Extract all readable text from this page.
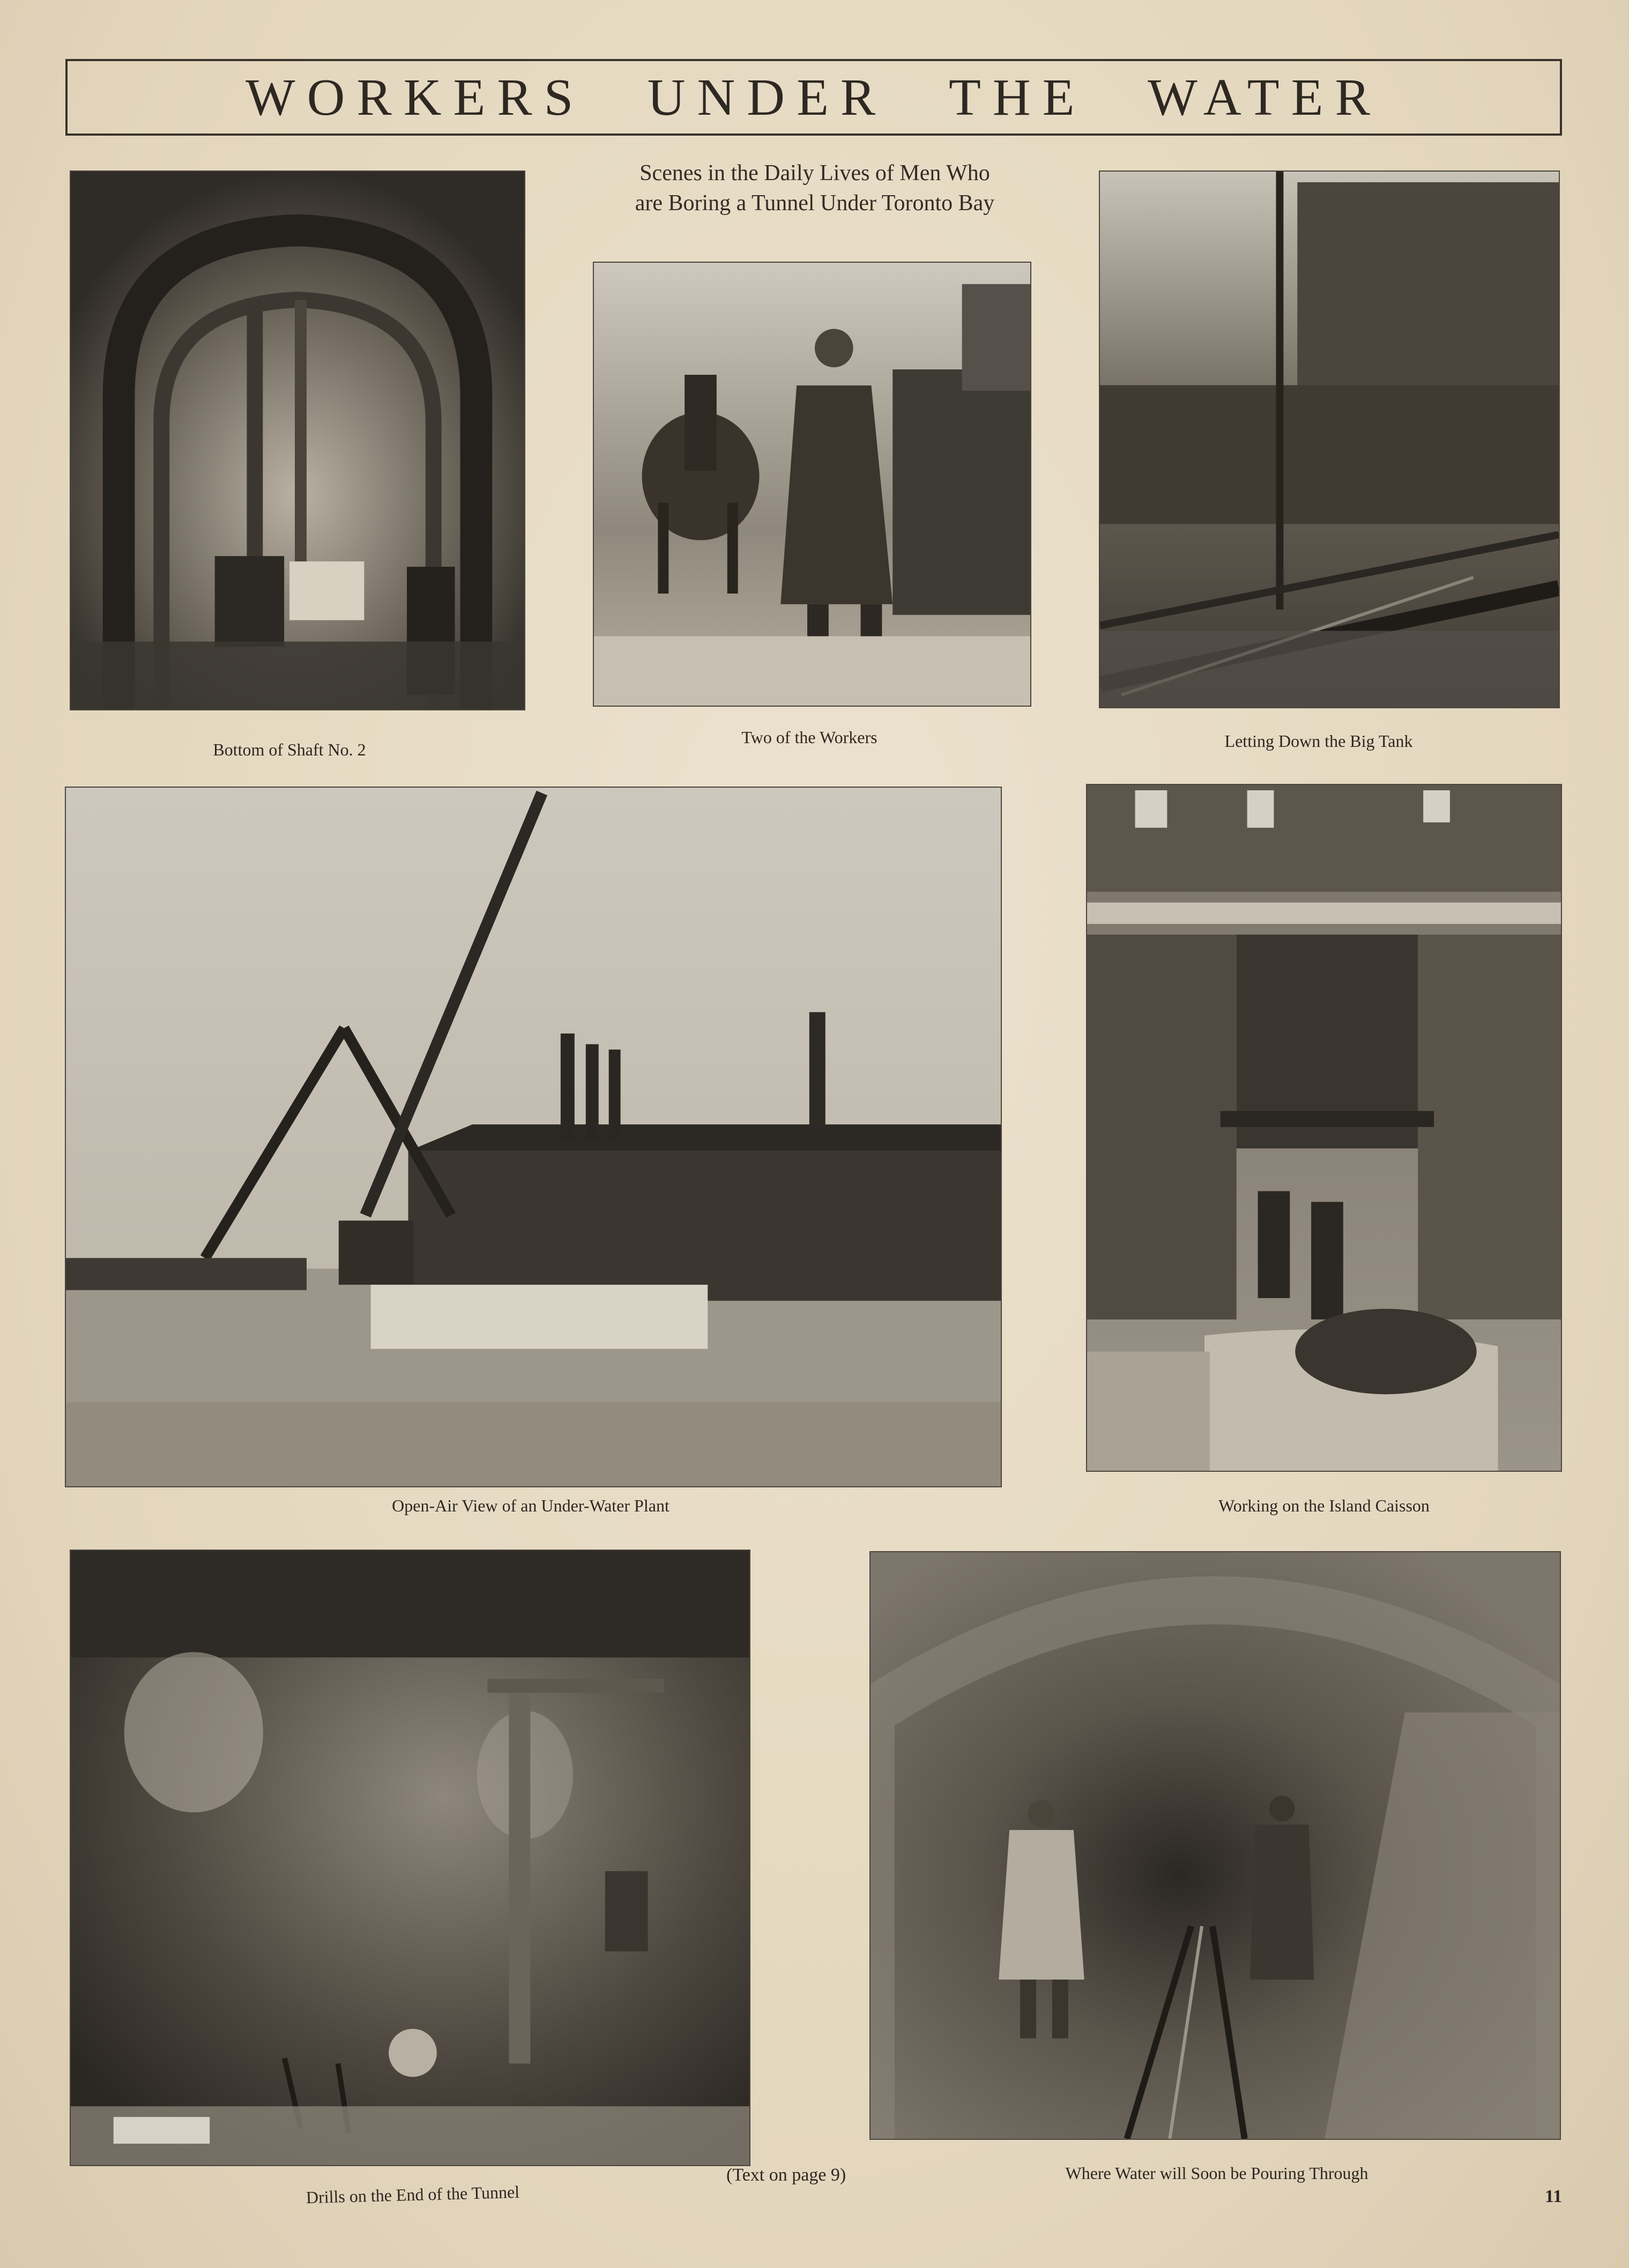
WORKERS UNDER THE WATER
Scenes in the Daily Lives of Men Who
are Boring a Tunnel Under Toronto Bay
Bottom of Shaft No. 2
Two of the Workers	Letting Down the Big Tank
Open-Air View of an Under-Water Plant	Working on the Island Caisson
Drills on the End of the Tunnel
Where Water will Soon be Pouring Through
(Text on page 9)
11
